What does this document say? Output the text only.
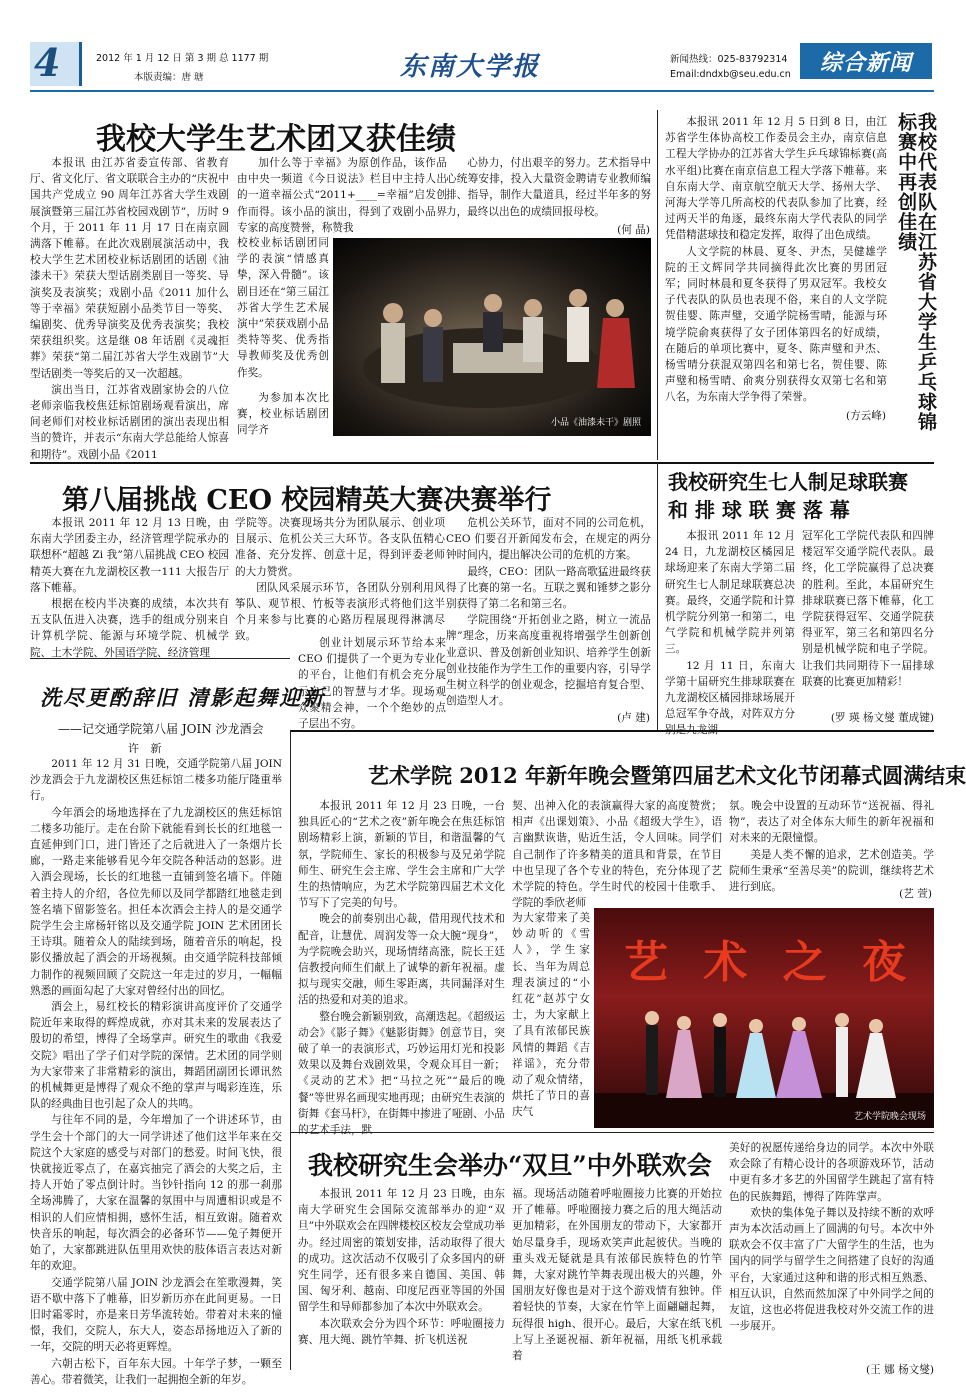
4	2012 年 1 月 12 日 第 3 期 总 1177 期
本版责编：唐 瑭	东南大学报	新闻热线：025-83792314
Email:dndxb@seu.edu.cn	综合新闻
我校大学生艺术团又获佳绩

本报讯 由江苏省委宣传部、省教育厅、省文化厅、省文联联合主办的“庆祝中国共产党成立 90 周年江苏省大学生戏剧展演暨第三届江苏省校园戏剧节”，历时 9 个月，于 2011 年 11 月 17 日在南京圆满落下帷幕。在此次戏剧展演活动中，我校大学生艺术团校业标话剧团的话剧《油漆未干》荣获大型话剧类剧目一等奖、导演奖及表演奖；戏剧小品《2011 加什么等于幸福》荣获短剧小品类节目一等奖、编剧奖、优秀导演奖及优秀表演奖；我校荣获组织奖。这是继 08 年话剧《灵魂拒葬》荣获“第二届江苏省大学生戏剧节”大型话剧类一等奖后的又一次超越。

演出当日，江苏省戏剧家协会的八位老师亲临我校焦廷标馆剧场观看演出，席间老师们对校业标话剧团的演出表现出相当的赞许，并表示“东南大学总能给人惊喜和期待”。戏剧小品《2011

加什么等于幸福》为原创作品，该作品由中央一频道《今日说法》栏目中主持人出的一道幸福公式“2011+____=幸福”启发创作而得。该小品的演出，得到了戏剧小品界专家的高度赞誉，称赞我

校校业标话剧团同学的表演“情感真挚，深入骨髓”。该剧目还在“第三届江苏省大学生艺术展演中”荣获戏剧小品类特等奖、优秀指导教师奖及优秀创作奖。

为参加本次比赛，校业标话剧团同学齐

心协力，付出艰辛的努力。艺术指导中心统筹安排，投入大量资金聘请专业教师编排、指导，制作大量道具，经过半年多的努力，最终以出色的成绩回报母校。

(何 晶)
小品《油漆未干》剧照

本报讯 2011 年 12 月 5 日到 8 日，由江苏省学生体协高校工作委员会主办，南京信息工程大学协办的江苏省大学生乒乓球锦标赛(高水平组)比赛在南京信息工程大学落下帷幕。来自东南大学、南京航空航天大学、扬州大学、河海大学等几所高校的代表队参加了比赛，经过两天半的角逐，最终东南大学代表队的同学凭借精湛球技和稳定发挥，取得了出色成绩。

人文学院的林晨、夏冬、尹杰，吴健雄学院的王文辉同学共同摘得此次比赛的男团冠军；同时林晨和夏冬获得了男双冠军。我校女子代表队的队员也表现不俗，来自的人文学院贺佳婴、陈声璧，交通学院杨雪晴，能源与环境学院俞爽获得了女子团体第四名的好成绩，在随后的单项比赛中，夏冬、陈声璧和尹杰、杨雪晴分获混双第四名和第七名，贺佳婴、陈声璧和杨雪晴、俞爽分别获得女双第七名和第八名，为东南大学争得了荣誉。

(方云峰)	我校代表队在江苏省大学生乒乓球锦标赛中再创佳绩
第八届挑战 CEO 校园精英大赛决赛举行

本报讯 2011 年 12 月 13 日晚，由东南大学团委主办，经济管理学院承办的联想杯“超越 Zi 我”第八届挑战 CEO 校园精英大赛在九龙湖校区教一111 大报告厅落下帷幕。

根据在校内半决赛的成绩，本次共有五支队伍进入决赛，选手的组成分别来自计算机学院、能源与环境学院、机械学院、土木学院、外国语学院、经济管理

学院等。决赛现场共分为团队展示、创业项目展示、危机公关三大环节。各支队伍精心准备、充分发挥、创意十足，得到评委老师的大力赞赏。

团队风采展示环节，各团队分别利用风筝队、观节根、竹板等表演形式将他们这半个月来参与比赛的心路历程展现得淋漓尽致。

创业计划展示环节给本来 CEO 们提供了一个更为专业化的平台，让他们有机会充分展示自己的智慧与才华。现场观众聚精会神，一个个绝妙的点子层出不穷。

危机公关环节，面对不同的公司危机，CEO 们要召开新闻发布会，在规定的两分钟时间内，提出解决公司的危机的方案。

最终，CEO：团队一路高歌猛进最终获得了比赛的第一名。互联之翼和锤梦之影分别获得了第二名和第三名。

学院围绕“开拓创业之路，树立一流品牌”理念，历来高度重视将增强学生创新创业意识、普及创新创业知识、培养学生创新创业技能作为学生工作的重要内容，引导学生树立科学的创业观念，挖掘培育复合型、创造型人才。

(卢 建)
我校研究生七人制足球联赛
和 排 球 联 赛 落 幕

本报讯 2011 年 12 月 24 日，九龙湖校区橘园足球场迎来了东南大学第二届研究生七人制足球联赛总决赛。最终，交通学院和计算机学院分列第一和第二，电气学院和机械学院并列第三。

12 月 11 日，东南大学第十届研究生排球联赛在九龙湖校区橘园排球场展开总冠军争夺战，对阵双方分别是九龙湖

冠军化工学院代表队和四牌楼冠军交通学院代表队。最终，化工学院赢得了总决赛的胜利。至此，本届研究生排球联赛已落下帷幕，化工学院获得冠军、交通学院获得亚军，第三名和第四名分别是机械学院和电子学院。让我们共同期待下一届排球联赛的比赛更加精彩！

(罗 瑛 杨文燮 董成键)
洗尽更酌辞旧 清影起舞迎新
——记交通学院第八届 JOIN 沙龙酒会
许 新

2011 年 12 月 31 日晚，交通学院第八届 JOIN 沙龙酒会于九龙湖校区焦廷标馆二楼多功能厅隆重举行。

今年酒会的场地选择在了九龙湖校区的焦廷标馆二楼多功能厅。走在台阶下就能看到长长的红地毯一直延伸到门口，进门皆还了之后就进入了一条烟片长廊，一路走来能够看见今年交院各种活动的怒影。进入酒会现场，长长的红地毯一直铺到签名墙下。伴随着主持人的介绍，各位先师以及同学都踏红地毯走到签名墙下留影签名。担任本次酒会主持人的是交通学院学生会主席杨轩铭以及交通学院 JOIN 艺术团团长王诗琪。随着众人的陆续到场，随着音乐的响起，投影仪播放起了酒会的开场视频。由交通学院科技部倾力制作的视频回顾了交院这一年走过的岁月，一幅幅熟悉的画面勾起了大家对曾经付出的回忆。

酒会上，易红校长的精彩演讲高度评价了交通学院近年来取得的辉煌成就，亦对其未来的发展表达了殷切的希望，博得了全场掌声。研究生的歌曲《我爱交院》唱出了学子们对学院的深情。艺术团的同学则为大家带来了非常精彩的演出，舞蹈团副团长谭讯然的机械舞更是博得了观众不绝的掌声与喝彩连连，乐队的经典曲目也引起了众人的共鸣。

与往年不同的是，今年增加了一个讲述环节，由学生会十个部门的大一同学讲述了他们这半年来在交院这个大家庭的感受与对部门的愁爱。时间飞快，很快就接近零点了，在嘉宾抽完了酒会的大奖之后，主持人开始了零点倒计时。当钞针指向 12 的那一刹那全场沸腾了，大家在温馨的氛围中与周遭相识或是不相识的人们应情相拥，感怀生活，相互致谢。随着欢快音乐的响起，每次酒会的必备环节——兔子舞便开始了，大家都跳进队伍里用欢快的肢体语言表达对新年的欢迎。

交通学院第八届 JOIN 沙龙酒会在笙歌漫舞，笑语不歇中落下了帷幕，旧岁新历亦在此间更易。一日旧时霜零时，亦是来日芳华流转始。带着对未来的憧憬，我们，交院人，东大人，姿态昂扬地迈入了新的一年，交院的明天必将更辉煌。

六朝古松下，百年东大园。十年学子梦，一颗至善心。带着微笑，让我们一起拥抱全新的年岁。

艺术学院 2012 年新年晚会暨第四届艺术文化节闭幕式圆满结束

本报讯 2011 年 12 月 23 日晚，一台独具匠心的“艺术之夜”新年晚会在焦廷标馆剧场精彩上演，新颖的节目，和谐温馨的气氛，学院师生、家长的积极参与及兄弟学院师生、研究生会主席、学生会主席和广大学生的热情响应，为艺术学院第四届艺术文化节写下了完美的句号。

晚会的前奏别出心裁，借用现代技术和配音，让慧优、周润发等一众大腕“现身”，为学院晚会助兴，现场情绪高涨，院长王廷信教授向师生们献上了诚挚的新年祝福。虚拟与现实交融，师生零距离，共同漏泽对生活的热爱和对美的追求。

整台晚会新颖别致，高潮迭起。《超级运动会》《影子舞》《魅影街舞》创意节目，突破了单一的表演形式，巧妙运用灯光和投影效果以及舞台戏剧效果，令观众耳目一新；《灵动的艺术》把“马拉之死”“最后的晚餐”等世界名画现实地再现；由研究生表演的街舞《套马杆》，在街舞中掺进了哑剧、小品的艺术手法，默

契、出神入化的表演赢得大家的高度赞赏；相声《出课划策》、小品《超级大学生》，语言幽默诙谐，贴近生活，令人回味。同学们自己制作了许多精美的道具和背景，在节目中也呈现了各个专业的特色，充分体现了艺术学院的特色。学生时代的校园十佳歌手、学院的季欣老师

为大家带来了美妙动听的《雪人》，学生家长、当年为周总理表演过的“小红花”赵苏宁女士，为大家献上了具有浓郁民族风情的舞蹈《吉祥谣》，充分带动了观众情绪，烘托了节日的喜庆气

氛。晚会中设置的互动环节“送祝福、得礼物”，表达了对全体东大师生的新年祝福和对未来的无限憧憬。

美是人类不懈的追求，艺术创造美。学院师生秉承“至善尽美”的院训，继续将艺术进行到底。

(艺 萱)
艺 术 之 夜
艺术学院晚会现场
我校研究生会举办“双旦”中外联欢会

本报讯 2011 年 12 月 23 日晚，由东南大学研究生会国际交流部举办的迎“双旦”中外联欢会在四牌楼校区校友会堂成功举办。经过周密的策划安排，活动取得了很大的成功。这次活动不仅吸引了众多国内的研究生同学，还有很多来自德国、美国、韩国、匈牙利、越南、印度尼西亚等国的外国留学生和导师都参加了本次中外联欢会。

本次联欢会分为四个环节：呼啦圈接力赛、甩大绳、跳竹竿舞、折飞机送祝

福。现场活动随着呼啦圈接力比赛的开始拉开了帷幕。呼啦圈接力赛之后的甩大绳活动更加精彩，在外国朋友的带动下，大家都开始尽量身手，现场欢笑声此起彼伏。当晚的重头戏无疑就是具有浓郁民族特色的竹竿舞，大家对跳竹竿舞表现出极大的兴趣，外国朋友好像也是对于这个游戏情有独钟。伴着轻快的节奏，大家在竹竿上面翩翩起舞，玩得很 high、很开心。最后，大家在纸飞机上写上圣诞祝福、新年祝福，用纸飞机承载着

美好的祝愿传递给身边的同学。本次中外联欢会除了有精心设计的各项游戏环节，活动中更有多才多艺的外国留学生跳起了富有特色的民族舞蹈，博得了阵阵掌声。

欢快的集体兔子舞以及持续不断的欢呼声为本次活动画上了圆满的句号。本次中外联欢会不仅丰富了广大留学生的生活，也为国内的同学与留学生之间搭建了良好的沟通平台，大家通过这种和谐的形式相互熟悉、相互认识，自然而然加深了中外同学之间的友谊，这也必将促进我校对外交流工作的进一步展开。

(王 娜 杨文燮)
